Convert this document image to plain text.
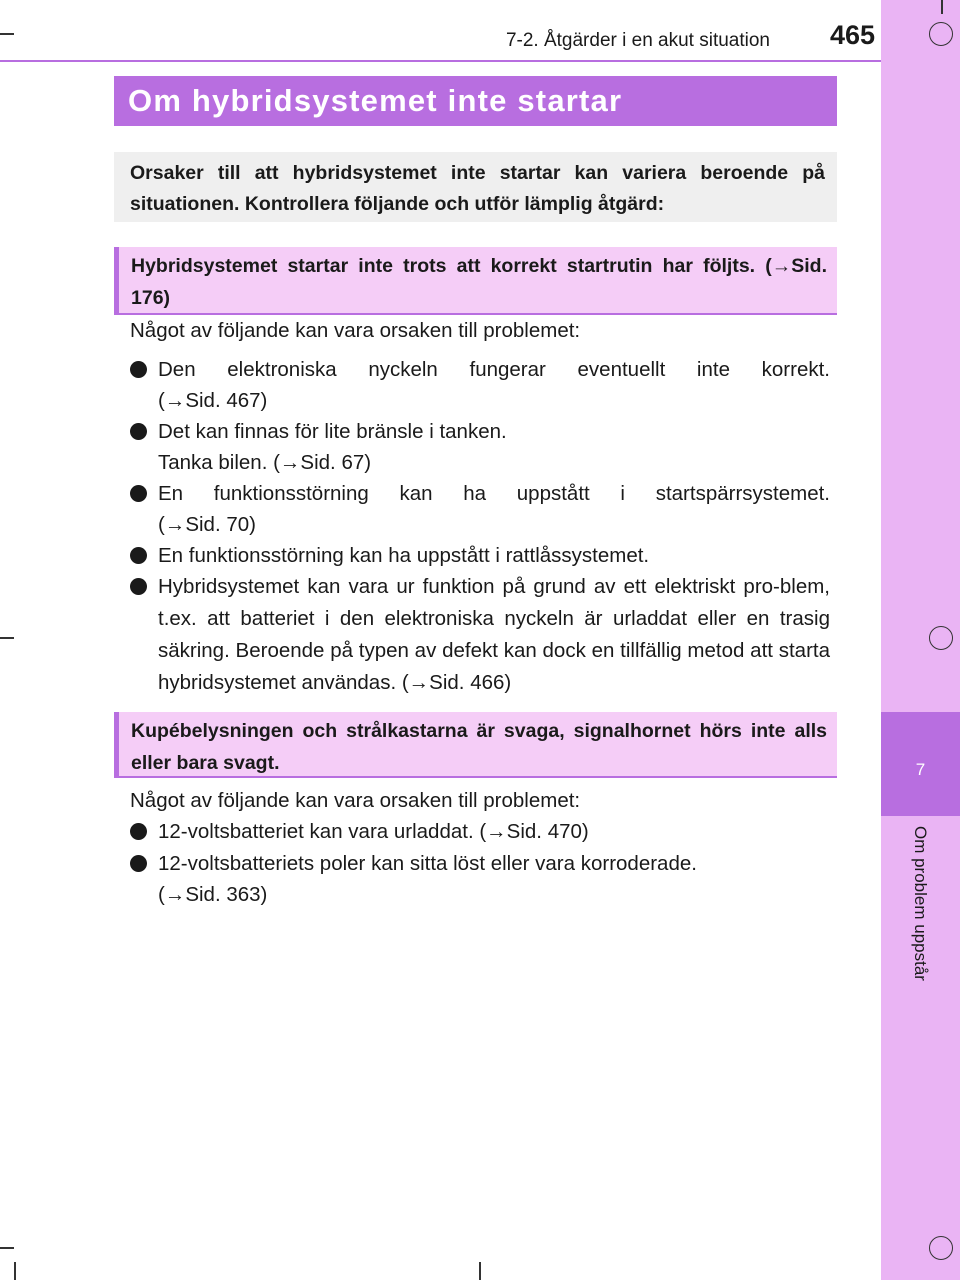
7
Om problem uppstår
7-2. Åtgärder i en akut situation	465
Om hybridsystemet inte startar
Orsaker till att hybridsystemet inte startar kan variera beroende på situationen. Kontrollera följande och utför lämplig åtgärd:
Hybridsystemet startar inte trots att korrekt startrutin har följts. (→Sid. 176)
Något av följande kan vara orsaken till problemet:
Den elektroniska nyckeln fungerar eventuellt inte korrekt.
(→Sid. 467)
Det kan finnas för lite bränsle i tanken.
Tanka bilen. (→Sid. 67)
En funktionsstörning kan ha uppstått i startspärrsystemet.
(→Sid. 70)
En funktionsstörning kan ha uppstått i rattlåssystemet.
Hybridsystemet kan vara ur funktion på grund av ett elektriskt pro-blem, t.ex. att batteriet i den elektroniska nyckeln är urladdat eller en trasig säkring. Beroende på typen av defekt kan dock en tillfällig metod att starta hybridsystemet användas. (→Sid. 466)
Kupébelysningen och strålkastarna är svaga, signalhornet hörs inte alls eller bara svagt.
Något av följande kan vara orsaken till problemet:
12-voltsbatteriet kan vara urladdat. (→Sid. 470)
12-voltsbatteriets poler kan sitta löst eller vara korroderade.
(→Sid. 363)
